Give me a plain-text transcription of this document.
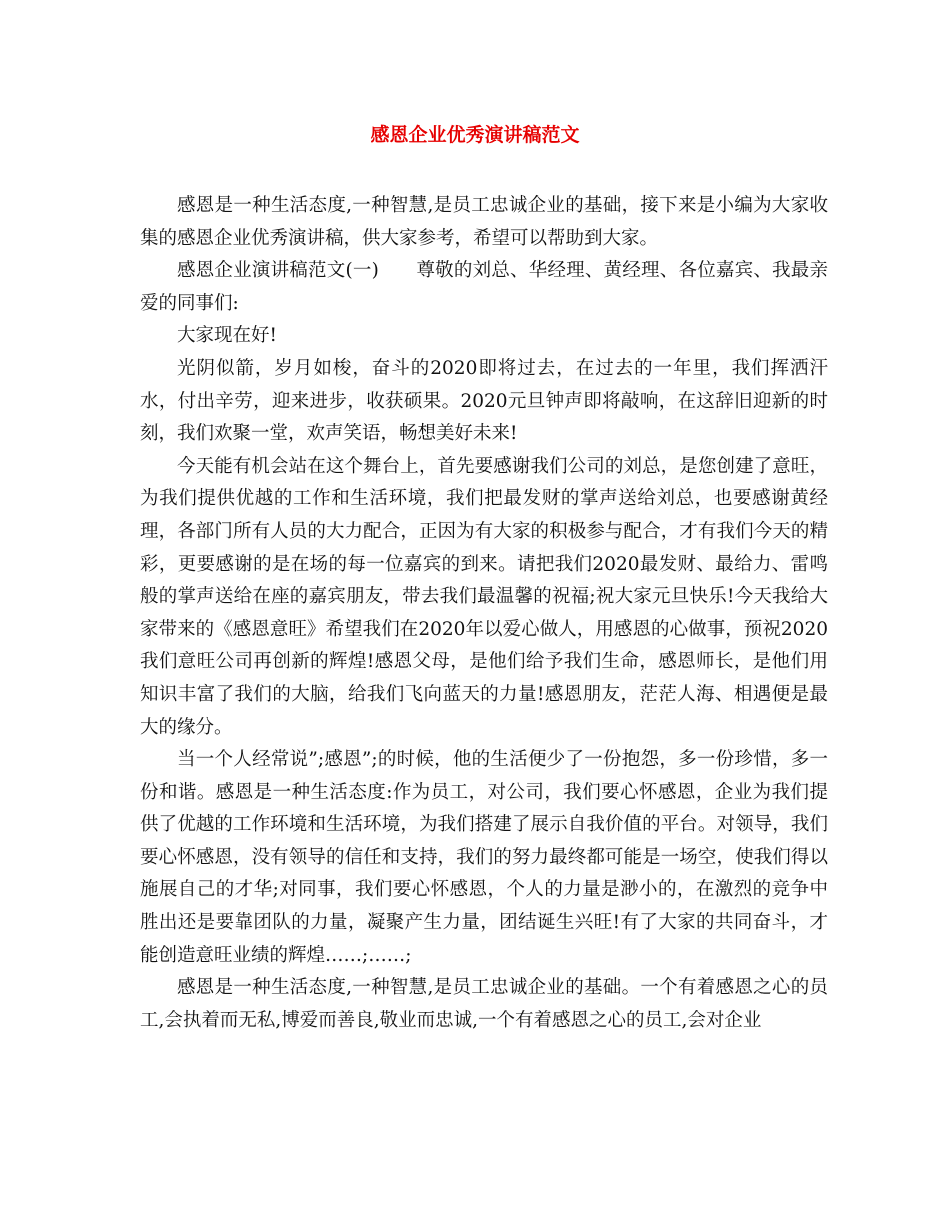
感恩企业优秀演讲稿范文

感恩是一种生活态度,一种智慧,是员工忠诚企业的基础，接下来是小编为大家收集的感恩企业优秀演讲稿，供大家参考，希望可以帮助到大家。

感恩企业演讲稿范文(一)　　尊敬的刘总、华经理、黄经理、各位嘉宾、我最亲爱的同事们:

大家现在好!

光阴似箭，岁月如梭，奋斗的2020即将过去，在过去的一年里，我们挥洒汗水，付出辛劳，迎来进步，收获硕果。2020元旦钟声即将敲响，在这辞旧迎新的时刻，我们欢聚一堂，欢声笑语，畅想美好未来!

今天能有机会站在这个舞台上，首先要感谢我们公司的刘总，是您创建了意旺，为我们提供优越的工作和生活环境，我们把最发财的掌声送给刘总，也要感谢黄经理，各部门所有人员的大力配合，正因为有大家的积极参与配合，才有我们今天的精彩，更要感谢的是在场的每一位嘉宾的到来。请把我们2020最发财、最给力、雷鸣般的掌声送给在座的嘉宾朋友，带去我们最温馨的祝福;祝大家元旦快乐!今天我给大家带来的《感恩意旺》希望我们在2020年以爱心做人，用感恩的心做事，预祝2020我们意旺公司再创新的辉煌!感恩父母，是他们给予我们生命，感恩师长，是他们用知识丰富了我们的大脑，给我们飞向蓝天的力量!感恩朋友，茫茫人海、相遇便是最大的缘分。

当一个人经常说”;感恩”;的时候，他的生活便少了一份抱怨，多一份珍惜，多一份和谐。感恩是一种生活态度:作为员工，对公司，我们要心怀感恩，企业为我们提供了优越的工作环境和生活环境，为我们搭建了展示自我价值的平台。对领导，我们要心怀感恩，没有领导的信任和支持，我们的努力最终都可能是一场空，使我们得以施展自己的才华;对同事，我们要心怀感恩，个人的力量是渺小的，在激烈的竞争中胜出还是要靠团队的力量，凝聚产生力量，团结诞生兴旺!有了大家的共同奋斗，才能创造意旺业绩的辉煌……;……;

感恩是一种生活态度,一种智慧,是员工忠诚企业的基础。一个有着感恩之心的员工,会执着而无私,博爱而善良,敬业而忠诚,一个有着感恩之心的员工,会对企业
